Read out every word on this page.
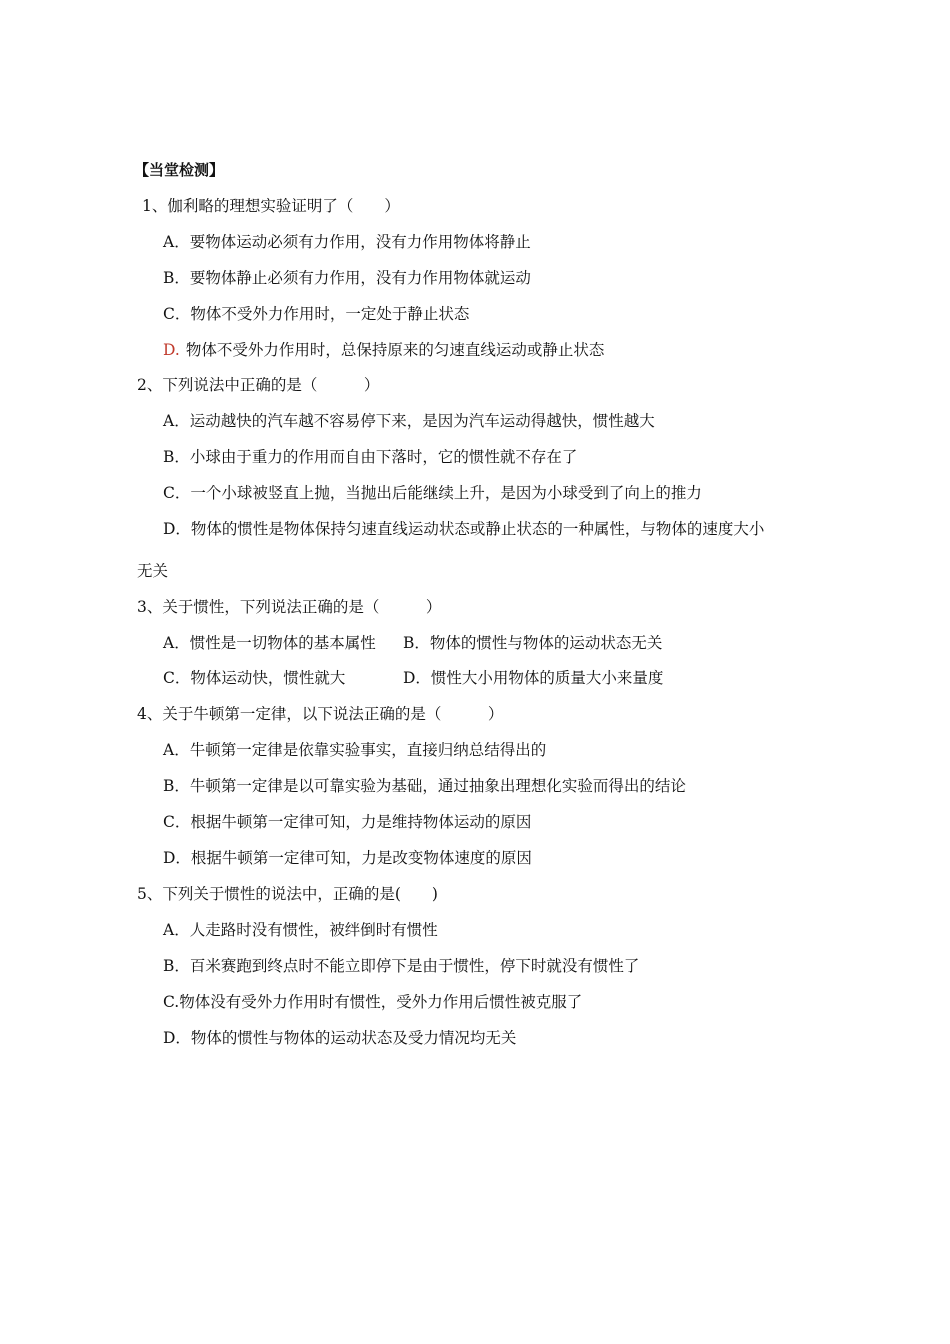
【当堂检测】
1、伽利略的理想实验证明了（　　）
A．要物体运动必须有力作用，没有力作用物体将静止
B．要物体静止必须有力作用，没有力作用物体就运动
C．物体不受外力作用时，一定处于静止状态
D. 物体不受外力作用时，总保持原来的匀速直线运动或静止状态
2、下列说法中正确的是（　　　）
A．运动越快的汽车越不容易停下来，是因为汽车运动得越快，惯性越大
B．小球由于重力的作用而自由下落时，它的惯性就不存在了
C．一个小球被竖直上抛，当抛出后能继续上升，是因为小球受到了向上的推力
D．物体的惯性是物体保持匀速直线运动状态或静止状态的一种属性，与物体的速度大小
无关
3、关于惯性，下列说法正确的是（　　　）
A．惯性是一切物体的基本属性 B．物体的惯性与物体的运动状态无关
C．物体运动快，惯性就大	D．惯性大小用物体的质量大小来量度
4、关于牛顿第一定律，以下说法正确的是（　　　）
A．牛顿第一定律是依靠实验事实，直接归纳总结得出的
B．牛顿第一定律是以可靠实验为基础，通过抽象出理想化实验而得出的结论
C．根据牛顿第一定律可知，力是维持物体运动的原因
D．根据牛顿第一定律可知，力是改变物体速度的原因
5、下列关于惯性的说法中，正确的是(　　)
A．人走路时没有惯性，被绊倒时有惯性
B．百米赛跑到终点时不能立即停下是由于惯性，停下时就没有惯性了
C.物体没有受外力作用时有惯性，受外力作用后惯性被克服了
D．物体的惯性与物体的运动状态及受力情况均无关
